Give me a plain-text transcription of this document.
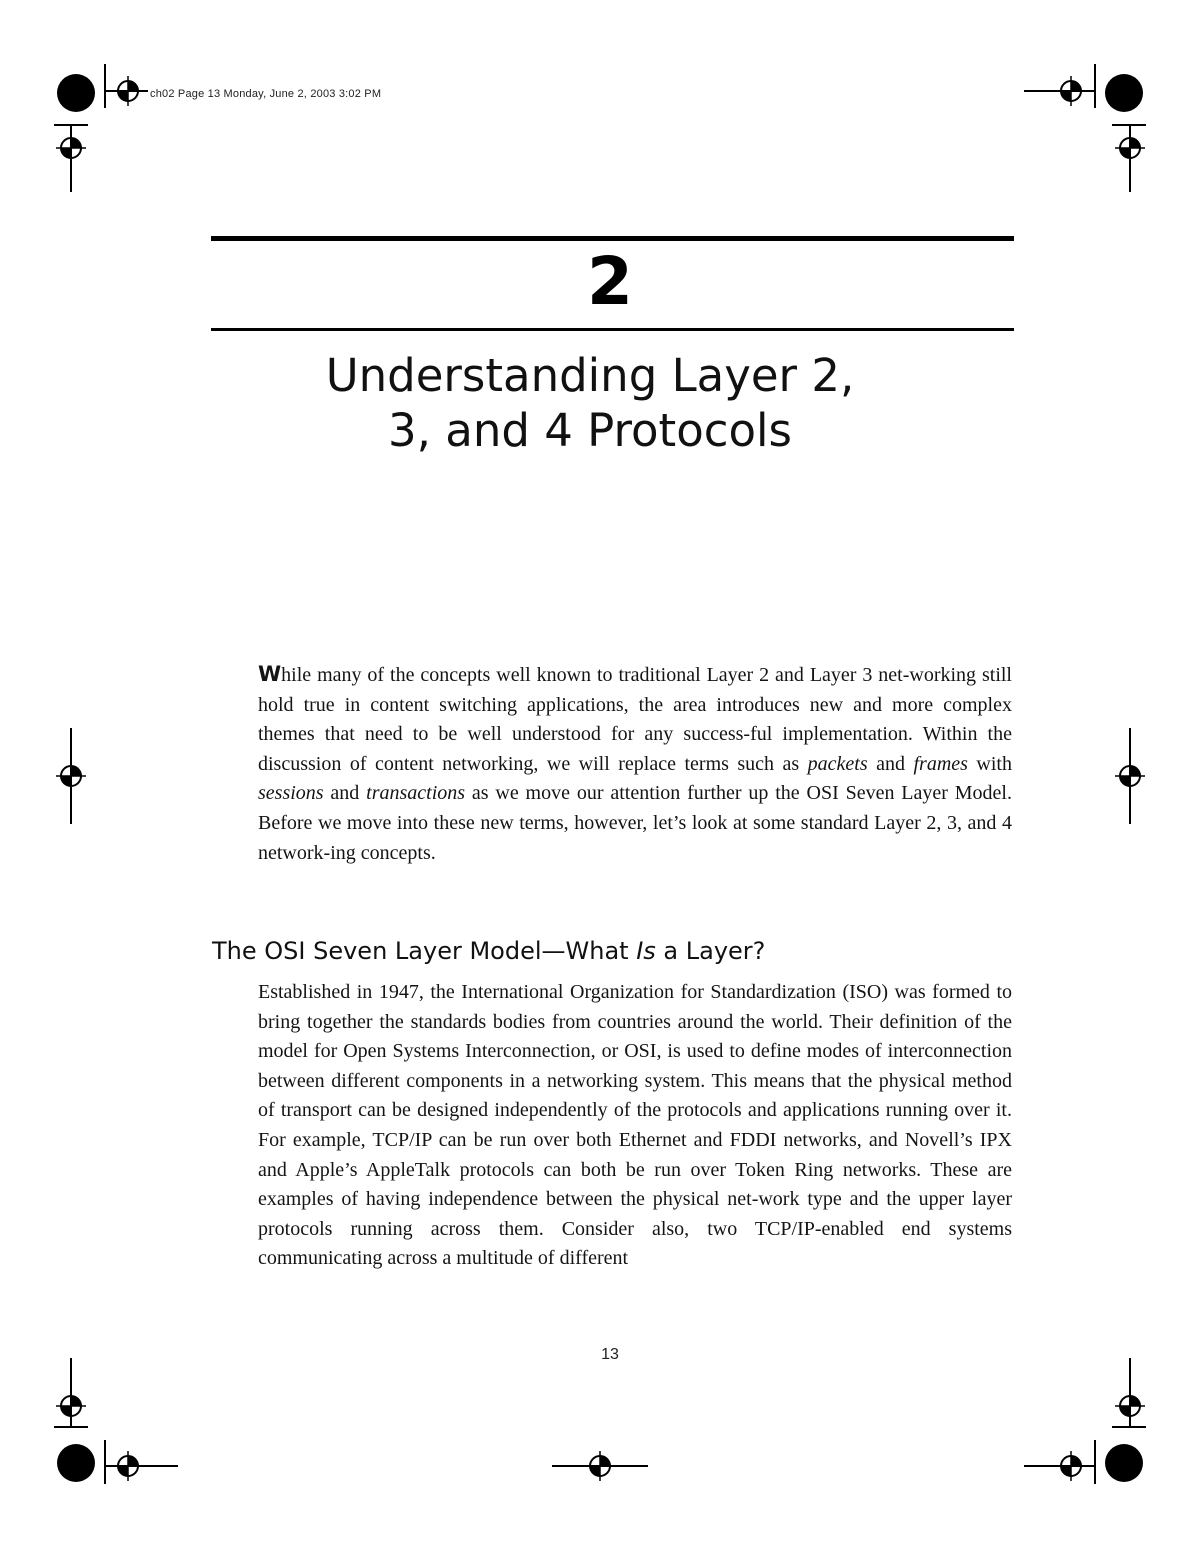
ch02 Page 13 Monday, June 2, 2003 3:02 PM
2
Understanding Layer 2,
3, and 4 Protocols
While many of the concepts well known to traditional Layer 2 and Layer 3 net-working still hold true in content switching applications, the area introduces new and more complex themes that need to be well understood for any success-ful implementation. Within the discussion of content networking, we will replace terms such as packets and frames with sessions and transactions as we move our attention further up the OSI Seven Layer Model. Before we move into these new terms, however, let’s look at some standard Layer 2, 3, and 4 network-ing concepts.
The OSI Seven Layer Model—What Is a Layer?
Established in 1947, the International Organization for Standardization (ISO) was formed to bring together the standards bodies from countries around the world. Their definition of the model for Open Systems Interconnection, or OSI, is used to define modes of interconnection between different components in a networking system. This means that the physical method of transport can be designed independently of the protocols and applications running over it. For example, TCP/IP can be run over both Ethernet and FDDI networks, and Novell’s IPX and Apple’s AppleTalk protocols can both be run over Token Ring networks. These are examples of having independence between the physical net-work type and the upper layer protocols running across them. Consider also, two TCP/IP-enabled end systems communicating across a multitude of different
13
